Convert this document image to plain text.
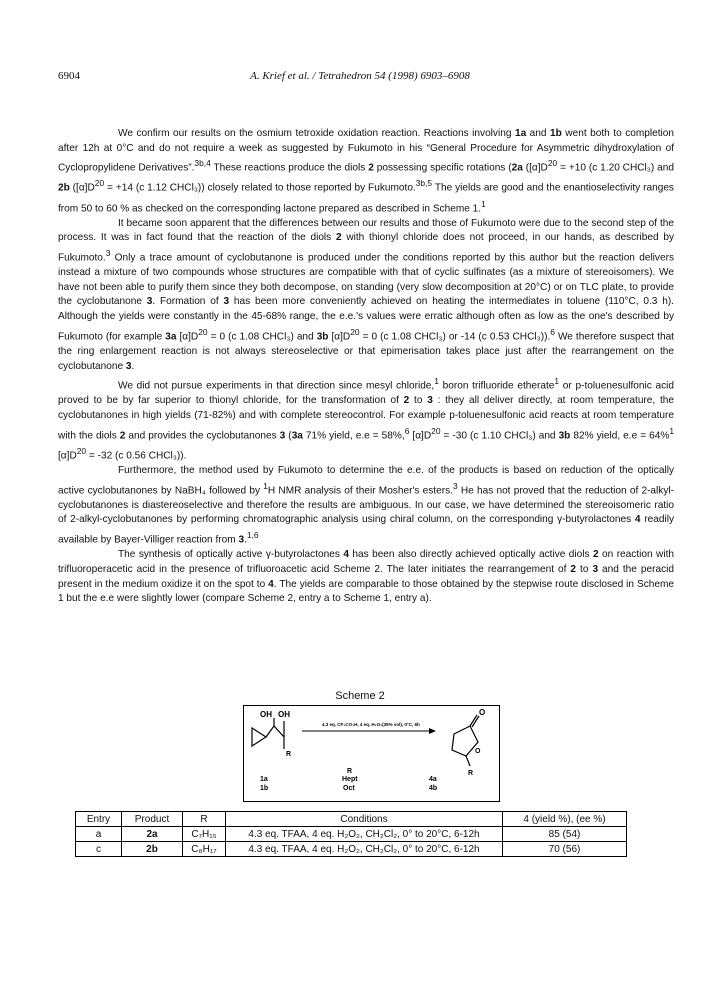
6904	A. Krief et al. / Tetrahedron 54 (1998) 6903–6908

We confirm our results on the osmium tetroxide oxidation reaction. Reactions involving 1a and 1b went both to completion after 12h at 0°C and do not require a week as suggested by Fukumoto in his “General Procedure for Asymmetric dihydroxylation of Cyclopropylidene Derivatives”.$^{3b,4}$ These reactions produce the diols 2 possessing specific rotations (2a ($[\alpha]D^{20} = +10$ (c 1.20 CHCl₃) and 2b ($[\alpha]D^{20} = +14$ (c 1.12 CHCl₃)) closely related to those reported by Fukumoto.$^{3b,5}$ The yields are good and the enantioselectivity ranges from 50 to 60 % as checked on the corresponding lactone prepared as described in Scheme 1.$^1$

It became soon apparent that the differences between our results and those of Fukumoto were due to the second step of the process. It was in fact found that the reaction of the diols 2 with thionyl chloride does not proceed, in our hands, as described by Fukumoto.$^3$ Only a trace amount of cyclobutanone is produced under the conditions reported by this author but the reaction delivers instead a mixture of two compounds whose structures are compatible with that of cyclic sulfinates (as a mixture of stereoisomers). We have not been able to purify them since they both decompose, on standing (very slow decomposition at 20°C) or on TLC plate, to provide the cyclobutanone 3. Formation of 3 has been more conveniently achieved on heating the intermediates in toluene (110°C, 0.3 h). Although the yields were constantly in the 45-68% range, the e.e.'s values were erratic although often as low as the one's described by Fukumoto (for example 3a $[\alpha]D^{20} = 0$ (c 1.08 CHCl₃) and 3b $[\alpha]D^{20} = 0$ (c 1.08 CHCl₃) or -14 (c 0.53 CHCl₃)).$^6$ We therefore suspect that the ring enlargement reaction is not always stereoselective or that epimerisation takes place just after the rearrangement on the cyclobutanone 3.

We did not pursue experiments in that direction since mesyl chloride,$^1$ boron trifluoride etherate$^1$ or p-toluenesulfonic acid proved to be by far superior to thionyl chloride, for the transformation of 2 to 3 : they all deliver directly, at room temperature, the cyclobutanones in high yields (71-82%) and with complete stereocontrol. For example p-toluenesulfonic acid reacts at room temperature with the diols 2 and provides the cyclobutanones 3 (3a 71% yield, e.e = 58%,$^6$ $[\alpha]D^{20} = -30$ (c 1.10 CHCl₃) and 3b 82% yield, e.e = 64%$^1$ $[\alpha]D^{20} = -32$ (c 0.56 CHCl₃)).

Furthermore, the method used by Fukumoto to determine the e.e. of the products is based on reduction of the optically active cyclobutanones by NaBH₄ followed by $^1$H NMR analysis of their Mosher's esters.$^3$ He has not proved that the reduction of 2-alkyl-cyclobutanones is diastereoselective and therefore the results are ambiguous. In our case, we have determined the stereoisomeric ratio of 2-alkyl-cyclobutanones by performing chromatographic analysis using chiral column, on the corresponding γ-butyrolactones 4 readily available by Bayer-Villiger reaction from 3.$^{1,6}$

The synthesis of optically active γ-butyrolactones 4 has been also directly achieved optically active diols 2 on reaction with trifluoroperacetic acid in the presence of trifluoroacetic acid Scheme 2. The later initiates the rearrangement of 2 to 3 and the peracid present in the medium oxidize it on the spot to 4. The yields are comparable to those obtained by the stepwise route disclosed in Scheme 1 but the e.e were slightly lower (compare Scheme 2, entry a to Scheme 1, entry a).

Scheme 2
OH OH
R
4.3 eq. CF₃CO₃H, 4 eq. H₂O₂(35% vol), 0°C, 6h
O
O
R
1a
1b
R
Hept
Oct
4a
4b
Entry	Product	R	Conditions	4 (yield %), (ee %)
a	2a	C₇H₁₅	4.3 eq. TFAA, 4 eq. H₂O₂, CH₂Cl₂, 0° to 20°C, 6-12h	85 (54)
c	2b	C₈H₁₇	4.3 eq. TFAA, 4 eq. H₂O₂, CH₂Cl₂, 0° to 20°C, 6-12h	70 (56)
